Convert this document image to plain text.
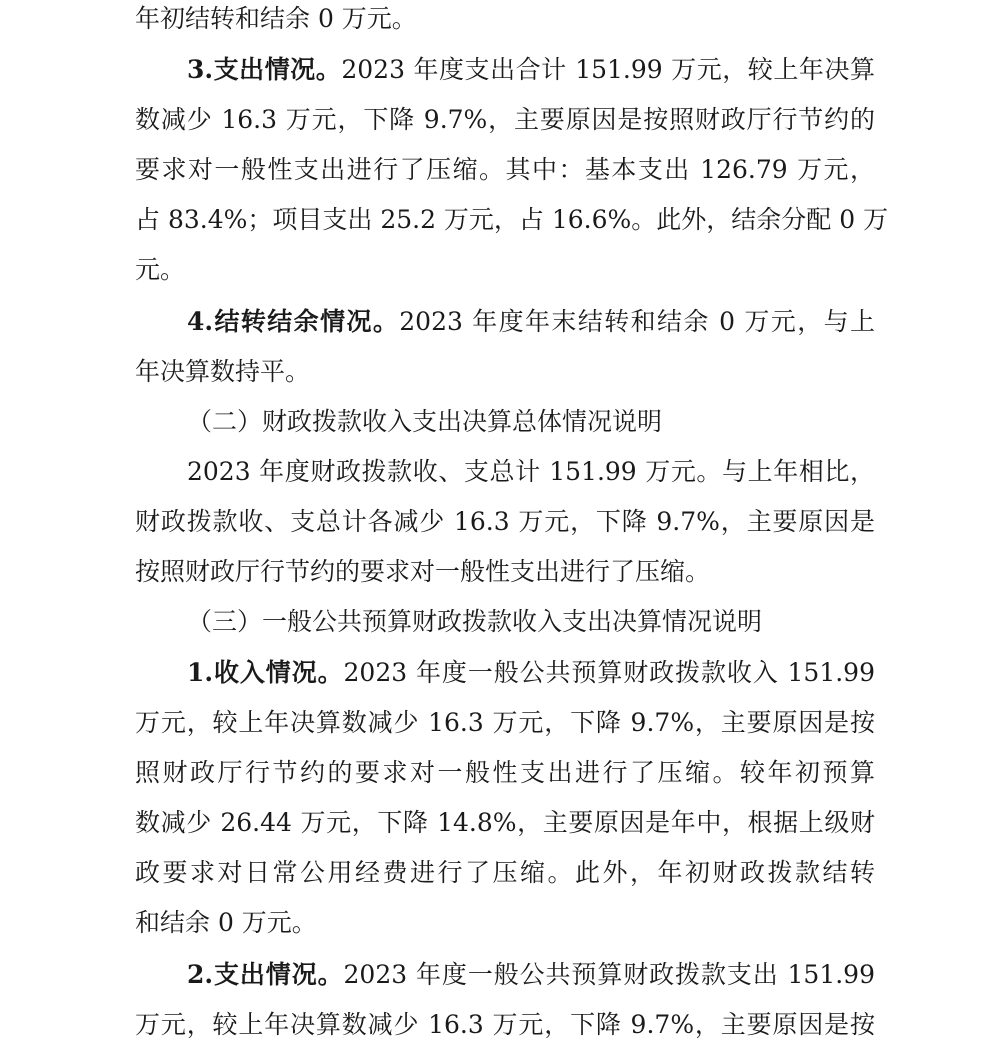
年初结转和结余 0 万元。
3.支出情况。2023 年度支出合计 151.99 万元，较上年决算
数减少 16.3 万元，下降 9.7%，主要原因是按照财政厅行节约的
要求对一般性支出进行了压缩。其中：基本支出 126.79 万元，
占 83.4%；项目支出 25.2 万元，占 16.6%。此外，结余分配 0 万
元。
4.结转结余情况。2023 年度年末结转和结余 0 万元，与上
年决算数持平。
（二）财政拨款收入支出决算总体情况说明
2023 年度财政拨款收、支总计 151.99 万元。与上年相比，
财政拨款收、支总计各减少 16.3 万元，下降 9.7%，主要原因是
按照财政厅行节约的要求对一般性支出进行了压缩。
（三）一般公共预算财政拨款收入支出决算情况说明
1.收入情况。2023 年度一般公共预算财政拨款收入 151.99
万元，较上年决算数减少 16.3 万元，下降 9.7%，主要原因是按
照财政厅行节约的要求对一般性支出进行了压缩。较年初预算
数减少 26.44 万元，下降 14.8%，主要原因是年中，根据上级财
政要求对日常公用经费进行了压缩。此外，年初财政拨款结转
和结余 0 万元。
2.支出情况。2023 年度一般公共预算财政拨款支出 151.99
万元，较上年决算数减少 16.3 万元，下降 9.7%，主要原因是按
